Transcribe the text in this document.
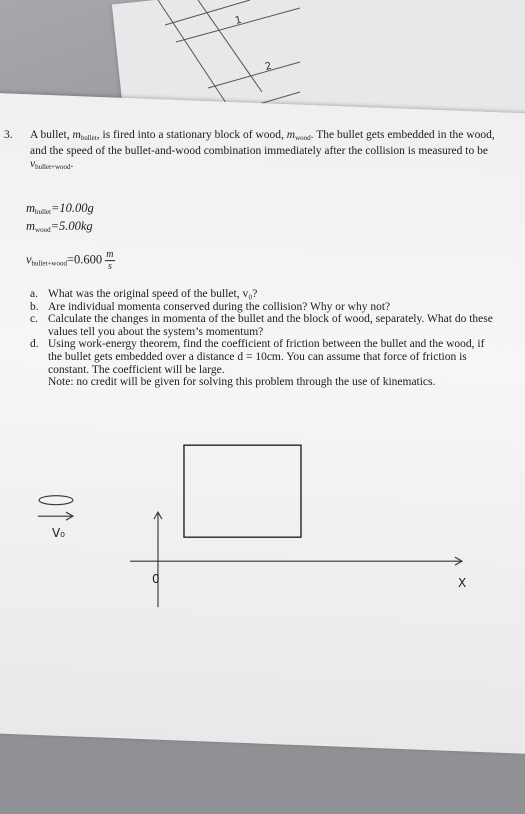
1
2
3. A bullet, $m_{bullet}$, is fired into a stationary block of wood, $m_{wood}$. The bullet gets embedded in the wood,
and the speed of the bullet-and-wood combination immediately after the collision is measured to be
$v_{bullet+wood}$.
$m_{bullet}=10.00g$
$m_{wood}=5.00kg$
$v_{bullet+wood}=0.600 \frac{m}{s}$
a. What was the original speed of the bullet, v₀?
b. Are individual momenta conserved during the collision? Why or why not?
c. Calculate the changes in momenta of the bullet and the block of wood, separately. What do these
values tell you about the system’s momentum?
d. Using work-energy theorem, find the coefficient of friction between the bullet and the wood, if
the bullet gets embedded over a distance d = 10cm. You can assume that force of friction is
constant. The coefficient will be large.
Note: no credit will be given for solving this problem through the use of kinematics.
V₀
0	X
